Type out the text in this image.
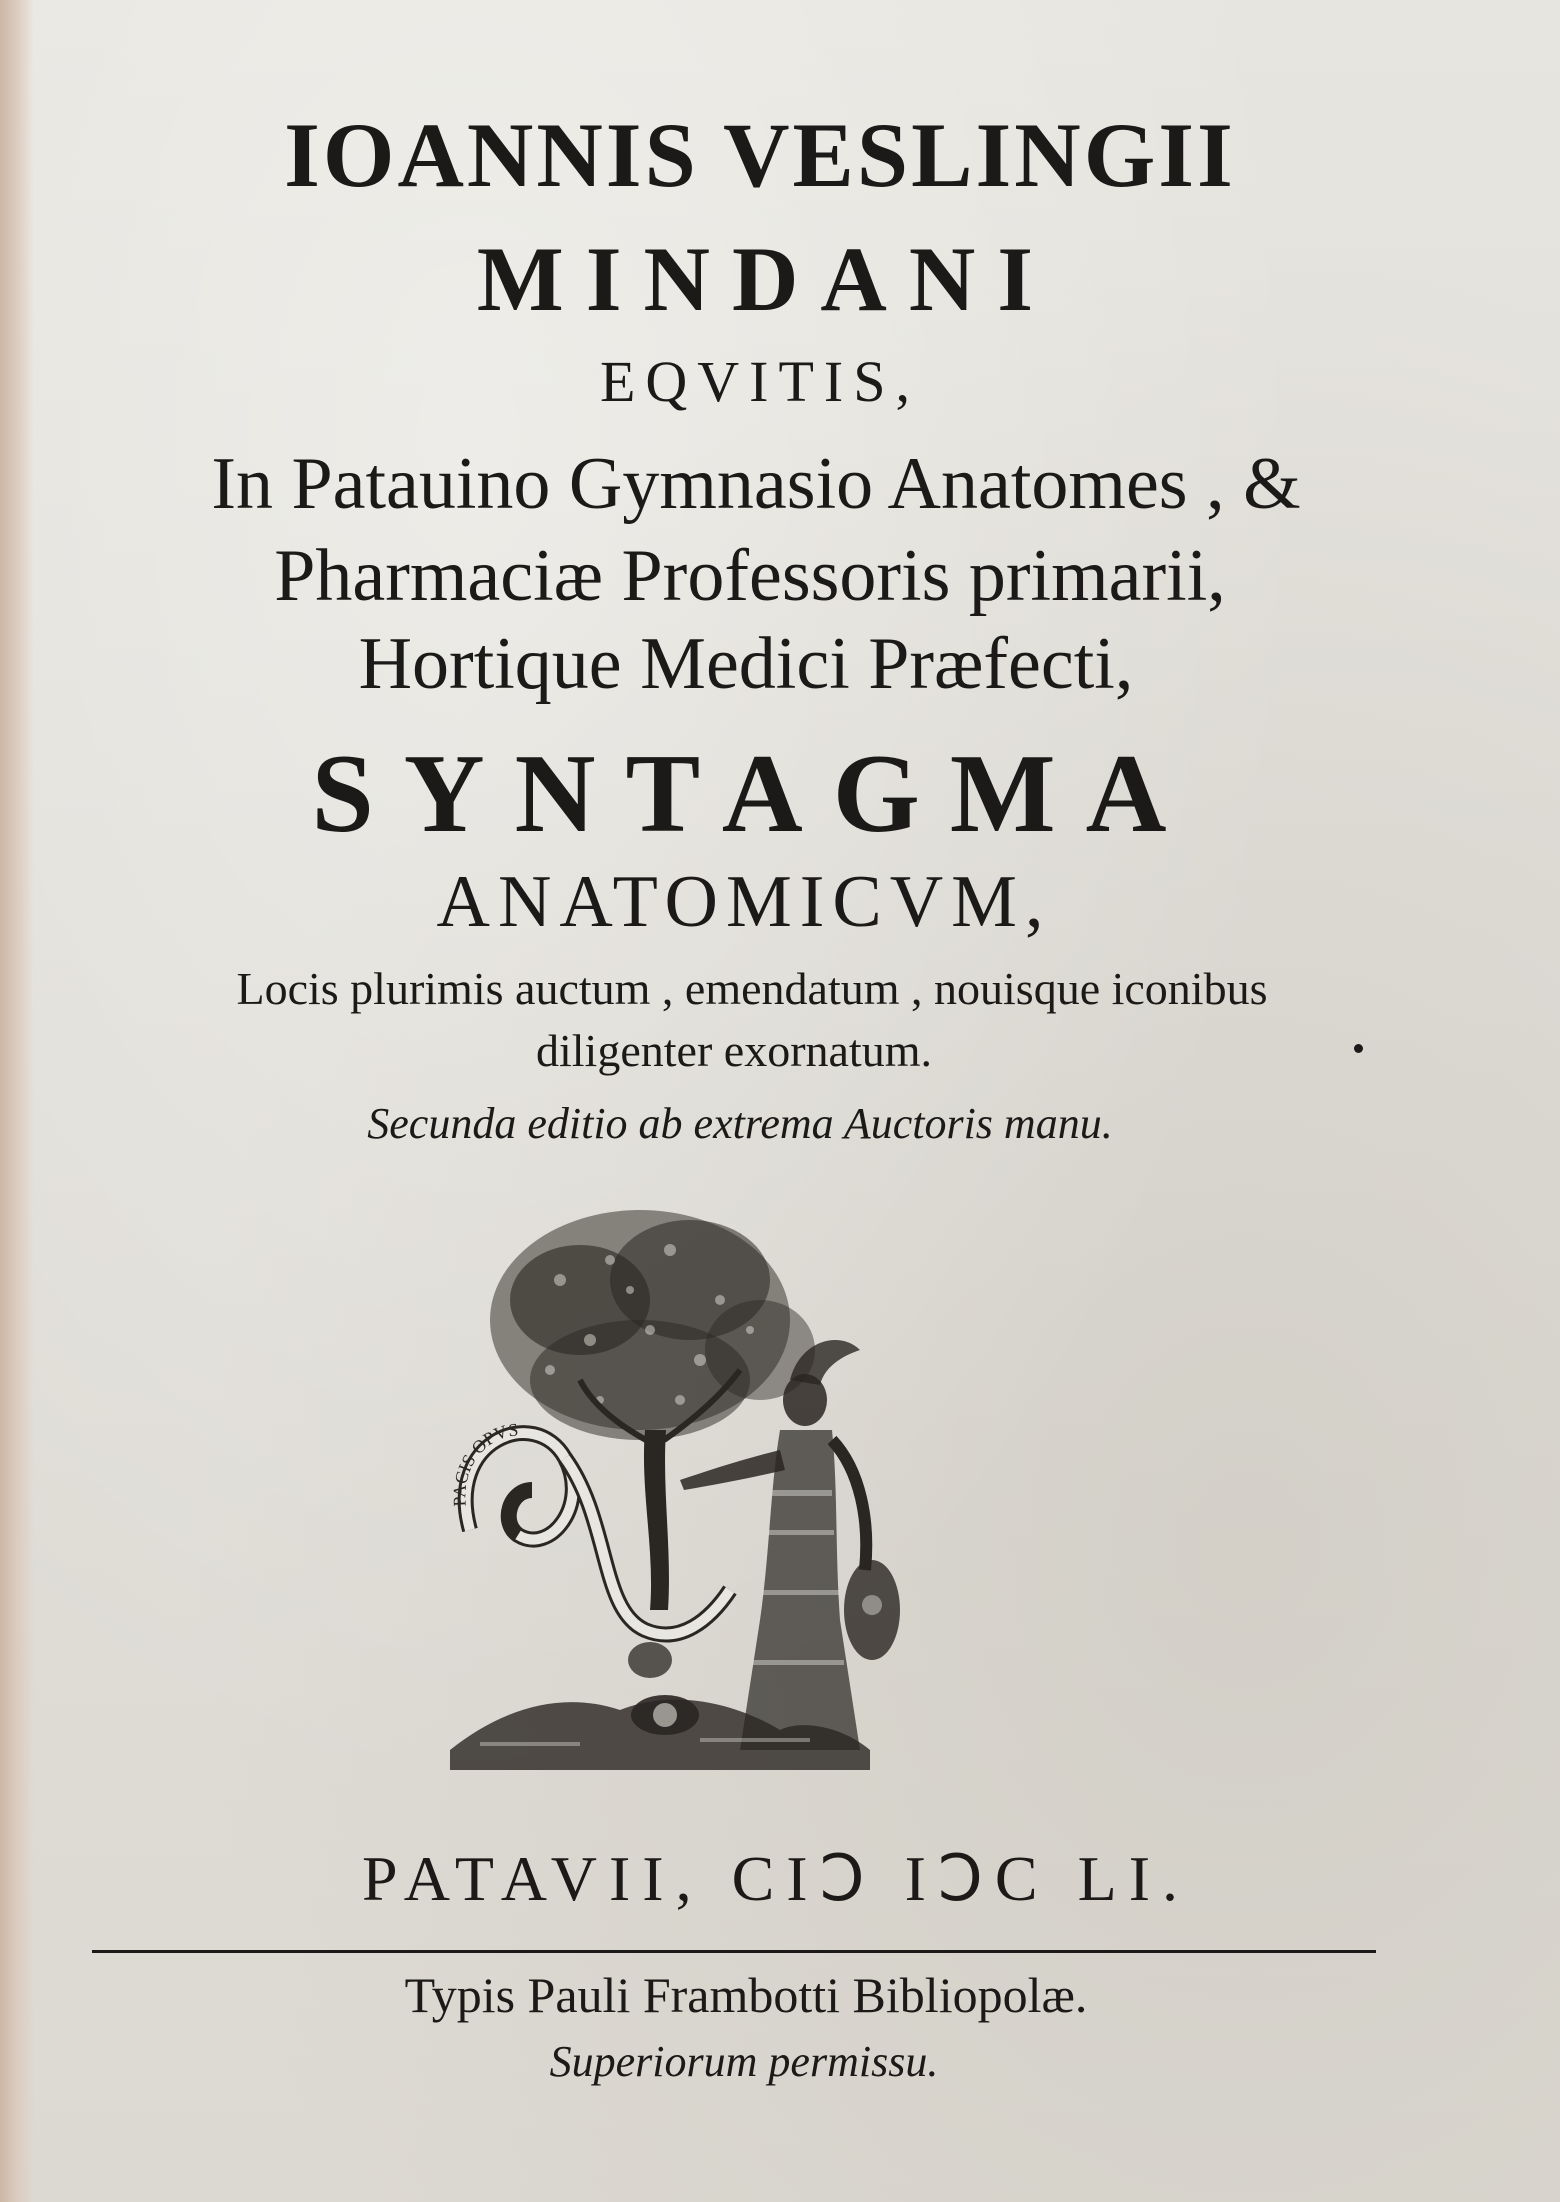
IOANNIS VESLINGII

MINDANI

EQVITIS,

In Patauino Gymnasio Anatomes , &

Pharmaciæ Professoris primarii,

Hortique Medici Præfecti,

SYNTAGMA

ANATOMICVM,

Locis plurimis auctum , emendatum , nouisque iconibus

diligenter exornatum.

Secunda editio ab extrema Auctoris manu.

PACIS OPVS

PATAVII, CIↃ IↃC LI.

Typis Pauli Frambotti Bibliopolæ.

Superiorum permissu.
